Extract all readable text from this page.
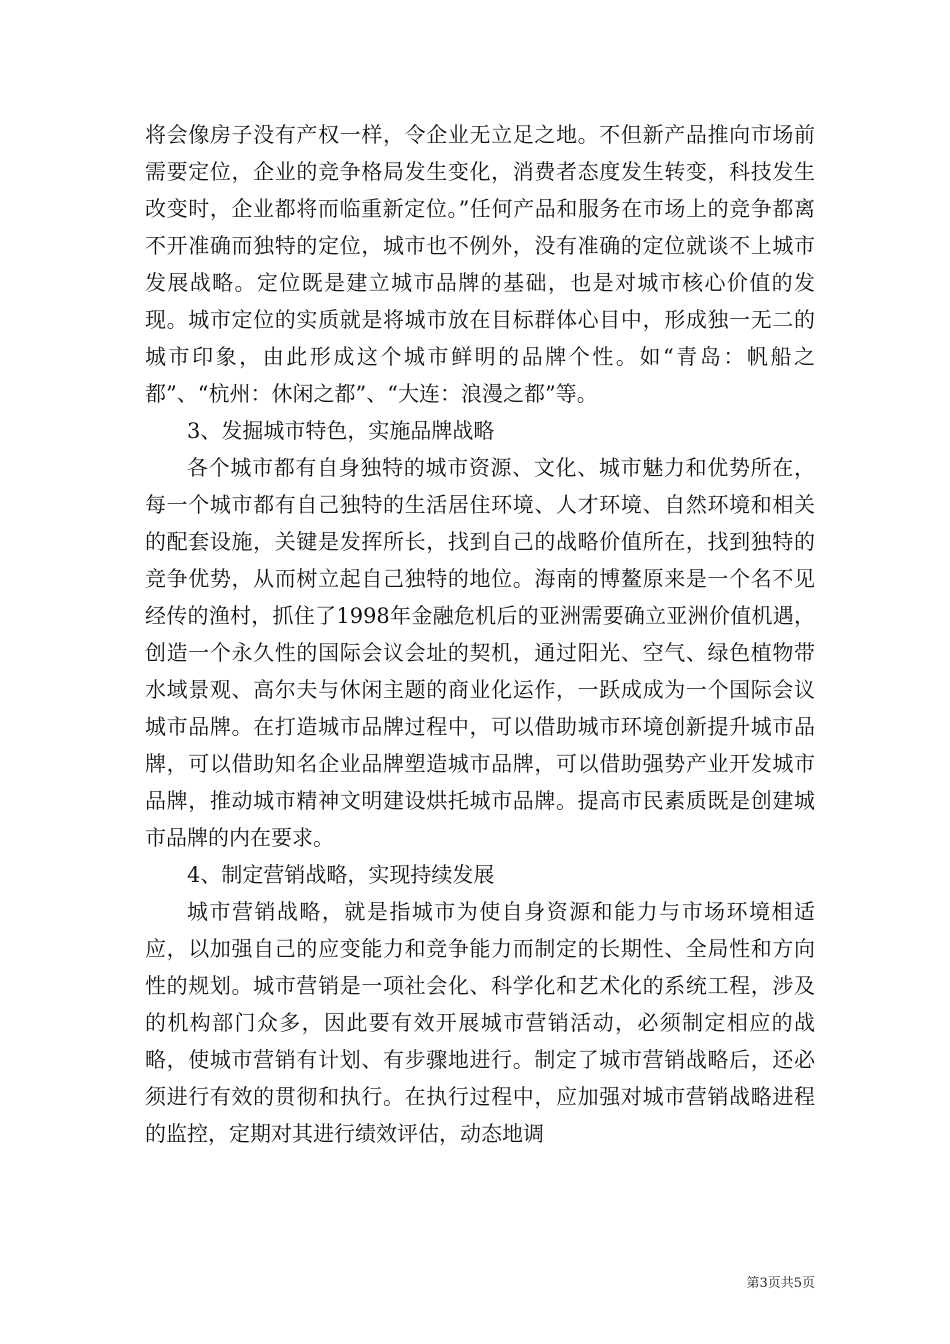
将会像房子没有产权一样，令企业无立足之地。不但新产品推向市场前需要定位，企业的竞争格局发生变化，消费者态度发生转变，科技发生改变时，企业都将而临重新定位。”任何产品和服务在市场上的竞争都离不开准确而独特的定位，城市也不例外，没有准确的定位就谈不上城市发展战略。定位既是建立城市品牌的基础，也是对城市核心价值的发现。城市定位的实质就是将城市放在目标群体心目中，形成独一无二的城市印象，由此形成这个城市鲜明的品牌个性。如“青岛：帆船之都”、“杭州：休闲之都”、“大连：浪漫之都”等。

3、发掘城市特色，实施品牌战略

各个城市都有自身独特的城市资源、文化、城市魅力和优势所在，每一个城市都有自己独特的生活居住环境、人才环境、自然环境和相关的配套设施，关键是发挥所长，找到自己的战略价值所在，找到独特的竞争优势，从而树立起自己独特的地位。海南的博鳌原来是一个名不见经传的渔村，抓住了1998年金融危机后的亚洲需要确立亚洲价值机遇，创造一个永久性的国际会议会址的契机，通过阳光、空气、绿色植物带水域景观、高尔夫与休闲主题的商业化运作，一跃成成为一个国际会议城市品牌。在打造城市品牌过程中，可以借助城市环境创新提升城市品牌，可以借助知名企业品牌塑造城市品牌，可以借助强势产业开发城市品牌，推动城市精神文明建设烘托城市品牌。提高市民素质既是创建城市品牌的内在要求。

4、制定营销战略，实现持续发展

城市营销战略，就是指城市为使自身资源和能力与市场环境相适应，以加强自己的应变能力和竞争能力而制定的长期性、全局性和方向性的规划。城市营销是一项社会化、科学化和艺术化的系统工程，涉及的机构部门众多，因此要有效开展城市营销活动，必须制定相应的战略，使城市营销有计划、有步骤地进行。制定了城市营销战略后，还必须进行有效的贯彻和执行。在执行过程中，应加强对城市营销战略进程的监控，定期对其进行绩效评估，动态地调

第3页共5页
